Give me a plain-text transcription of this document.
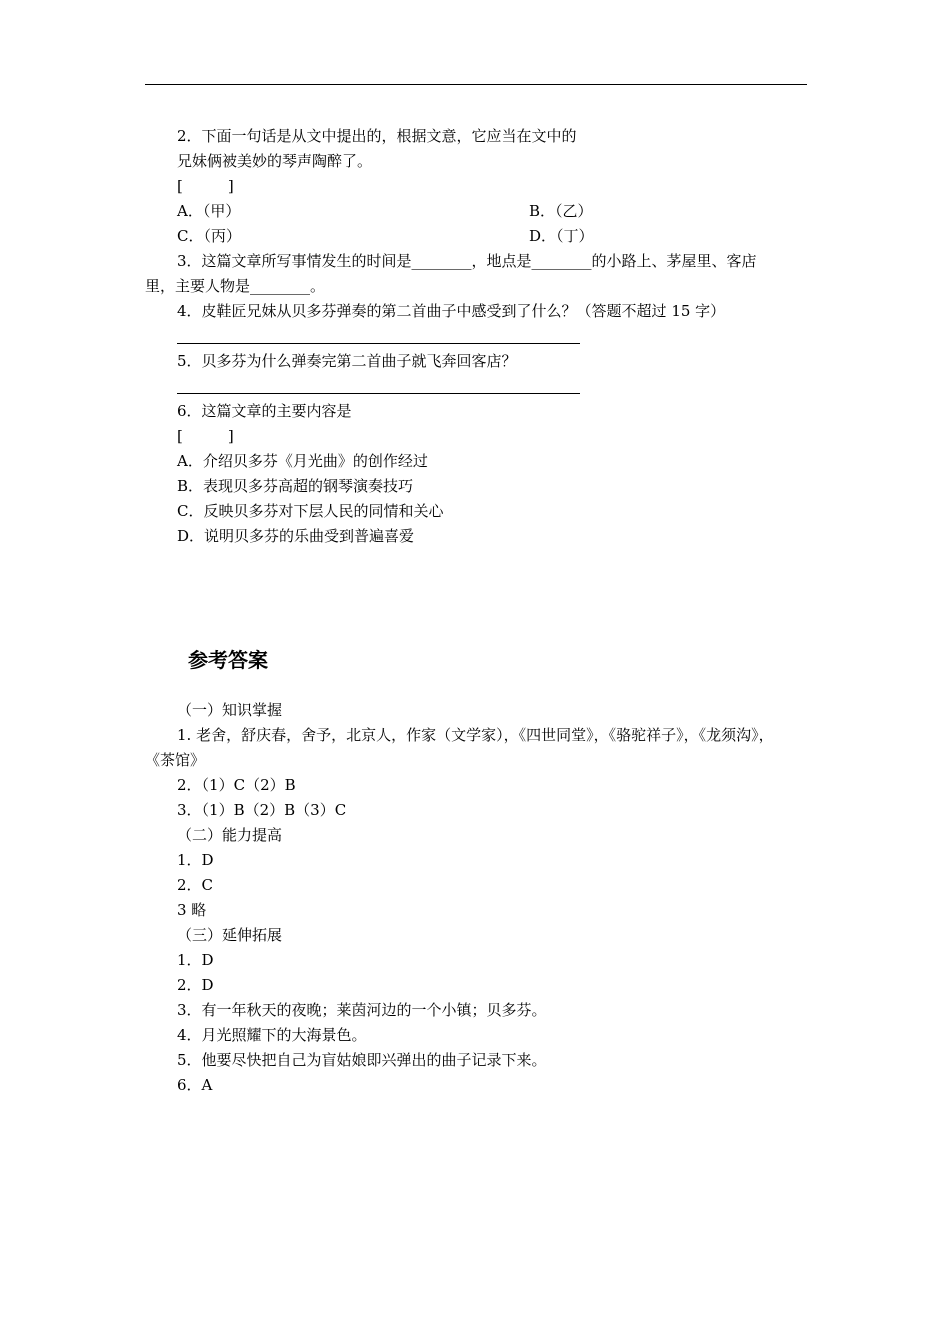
2．下面一句话是从文中提出的，根据文意，它应当在文中的
兄妹俩被美妙的琴声陶醉了。
[　　　]
A．（甲）	B．（乙）
C．（丙）	D．（丁）
3．这篇文章所写事情发生的时间是________，地点是________的小路上、茅屋里、客店
里，主要人物是________。
4．皮鞋匠兄妹从贝多芬弹奏的第二首曲子中感受到了什么？（答题不超过 15 字）
5．贝多芬为什么弹奏完第二首曲子就飞奔回客店？
6．这篇文章的主要内容是
[　　　]
A．介绍贝多芬《月光曲》的创作经过
B．表现贝多芬高超的钢琴演奏技巧
C．反映贝多芬对下层人民的同情和关心
D．说明贝多芬的乐曲受到普遍喜爱
参考答案
（一）知识掌握
1. 老舍，舒庆春，舍予，北京人，作家（文学家），《四世同堂》，《骆驼祥子》，《龙须沟》，
《茶馆》
2．（1）C（2）B
3．（1）B（2）B（3）C
（二）能力提高
1．D
2．C
3 略
（三）延伸拓展
1．D
2．D
3．有一年秋天的夜晚；莱茵河边的一个小镇；贝多芬。
4．月光照耀下的大海景色。
5．他要尽快把自己为盲姑娘即兴弹出的曲子记录下来。
6．A
